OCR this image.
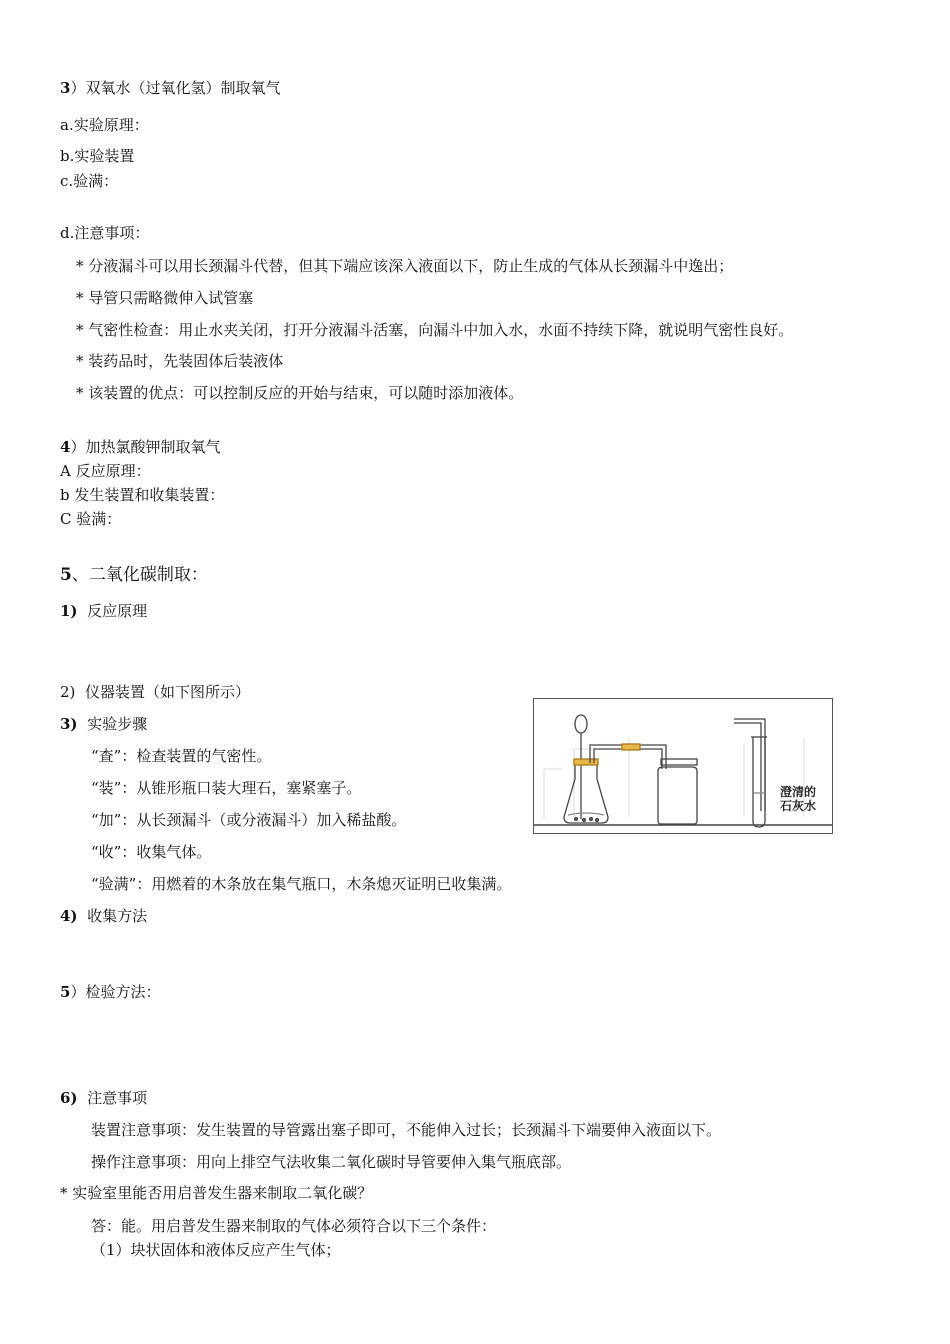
3）双氧水（过氧化氢）制取氧气
a.实验原理：
b.实验装置
c.验满：
d.注意事项：
* 分液漏斗可以用长颈漏斗代替，但其下端应该深入液面以下，防止生成的气体从长颈漏斗中逸出；
* 导管只需略微伸入试管塞
* 气密性检查：用止水夹关闭，打开分液漏斗活塞，向漏斗中加入水，水面不持续下降，就说明气密性良好。
* 装药品时，先装固体后装液体
* 该装置的优点：可以控制反应的开始与结束，可以随时添加液体。
4）加热氯酸钾制取氧气
A 反应原理：
b 发生装置和收集装置：
C 验满：
5、二氧化碳制取：
1) 反应原理
2) 仪器装置（如下图所示）
3) 实验步骤
“查”：检查装置的气密性。
“装”：从锥形瓶口装大理石，塞紧塞子。
“加”：从长颈漏斗（或分液漏斗）加入稀盐酸。
“收”：收集气体。
“验满”：用燃着的木条放在集气瓶口，木条熄灭证明已收集满。
4) 收集方法
5）检验方法：
6) 注意事项
装置注意事项：发生装置的导管露出塞子即可，不能伸入过长；长颈漏斗下端要伸入液面以下。
操作注意事项：用向上排空气法收集二氧化碳时导管要伸入集气瓶底部。
* 实验室里能否用启普发生器来制取二氧化碳？
答：能。用启普发生器来制取的气体必须符合以下三个条件：
（1）块状固体和液体反应产生气体；
澄清的
石灰水
